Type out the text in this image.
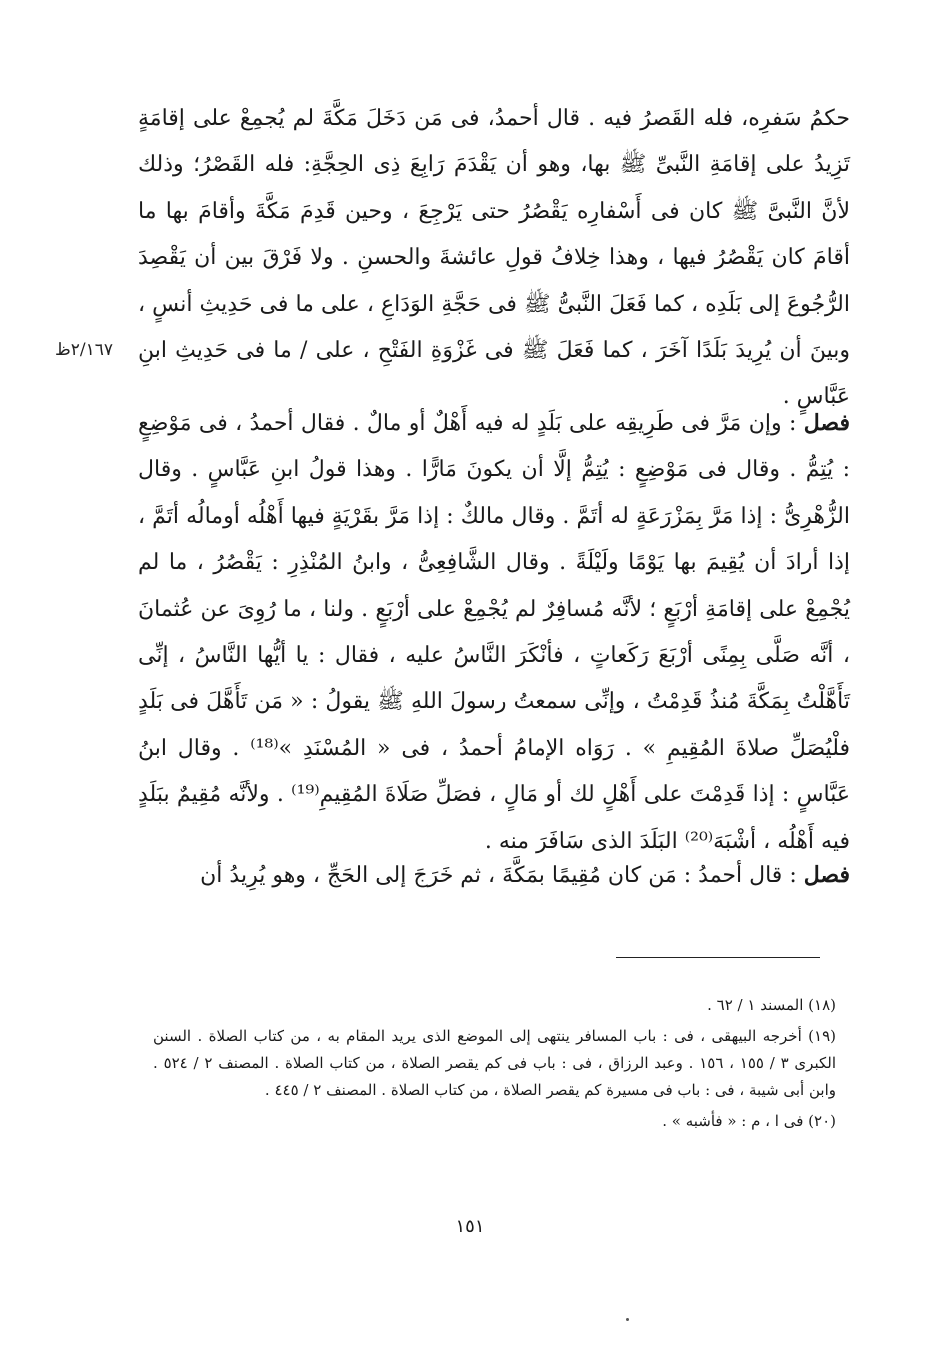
حكمُ سَفرِه، فله القَصرُ فيه . قال أحمدُ، فى مَن دَخَلَ مَكَّةَ لم يُجمِعْ على إقامَةٍ تَزِيدُ على إقامَةِ النَّبىِّ ﷺ بها، وهو أن يَقْدَمَ رَابِعَ ذِى الحِجَّةِ: فله القَصْرُ؛ وذلك لأنَّ النَّبىَّ ﷺ كان فى أَسْفارِه يَقْصُرُ حتى يَرْجِعَ ، وحين قَدِمَ مَكَّةَ وأقامَ بها ما أقامَ كان يَقْصُرُ فيها ، وهذا خِلافُ قولِ عائشةَ والحسنِ . ولا فَرْقَ بين أن يَقْصِدَ الرُّجُوعَ إلى بَلَدِه ، كما فَعَلَ النَّبىُّ ﷺ فى حَجَّةِ الوَدَاعِ ، على ما فى حَدِيثِ أنسٍ ، وبينَ أن يُرِيدَ بَلَدًا آخَرَ ، كما فَعَلَ ﷺ فى غَزْوَةِ الفَتْحِ ، على / ما فى حَدِيثِ ابنِ عَبَّاسٍ .

٢/١٦٧ظ

فصل : وإن مَرَّ فى طَرِيقِه على بَلَدٍ له فيه أَهْلٌ أو مالٌ . فقال أحمدُ ، فى مَوْضِعٍ : يُتِمُّ . وقال فى مَوْضِعٍ : يُتِمُّ إلَّا أن يكونَ مَارًّا . وهذا قولُ ابنِ عَبَّاسٍ . وقال الزُّهْرِىُّ : إذا مَرَّ بِمَزْرَعَةٍ له أتَمَّ . وقال مالكٌ : إذا مَرَّ بقَرْيَةٍ فيها أَهْلُه أومالُه أتَمَّ ، إذا أرادَ أن يُقِيمَ بها يَوْمًا ولَيْلَةً . وقال الشَّافِعِىُّ ، وابنُ المُنْذِرِ : يَقْصُرُ ، ما لم يُجْمِعْ على إقامَةِ أرْبَعٍ ؛ لأنَّه مُسافِرٌ لم يُجْمِعْ على أرْبَعٍ . ولنا ، ما رُوِىَ عن عُثمانَ ، أنَّه صَلَّى بِمِنًى أرْبَعَ رَكَعاتٍ ، فأنْكَرَ النَّاسُ عليه ، فقال : يا أيُّها النَّاسُ ، إنِّى تَأَهَّلْتُ بِمَكَّةَ مُنذُ قَدِمْتُ ، وإنِّى سمعتُ رسولَ اللهِ ﷺ يقولُ : « مَن تَأَهَّلَ فى بَلَدٍ فلْيُصَلِّ صلاةَ المُقِيمِ » . رَوَاه الإمامُ أحمدُ ، فى « المُسْنَدِ »⁽¹⁸⁾ . وقال ابنُ عَبَّاسٍ : إذا قَدِمْتَ على أَهْلٍ لك أو مَالٍ ، فصَلِّ صَلَاةَ المُقِيمِ⁽¹⁹⁾ . ولأنَّه مُقِيمٌ ببَلَدٍ فيه أَهْلُه ، أشْبَهَ⁽²⁰⁾ البَلَدَ الذى سَافَرَ منه .

فصل : قال أحمدُ : مَن كان مُقِيمًا بمَكَّةَ ، ثم خَرَجَ إلى الحَجِّ ، وهو يُرِيدُ أن

(١٨) المسند ١ / ٦٢ .

(١٩) أخرجه البيهقى ، فى : باب المسافر ينتهى إلى الموضع الذى يريد المقام به ، من كتاب الصلاة . السنن الكبرى ٣ / ١٥٥ ، ١٥٦ . وعبد الرزاق ، فى : باب فى كم يقصر الصلاة ، من كتاب الصلاة . المصنف ٢ / ٥٢٤ . وابن أبى شيبة ، فى : باب فى مسيرة كم يقصر الصلاة ، من كتاب الصلاة . المصنف ٢ / ٤٤٥ .

(٢٠) فى ا ، م : « فأشبه » .

١٥١
